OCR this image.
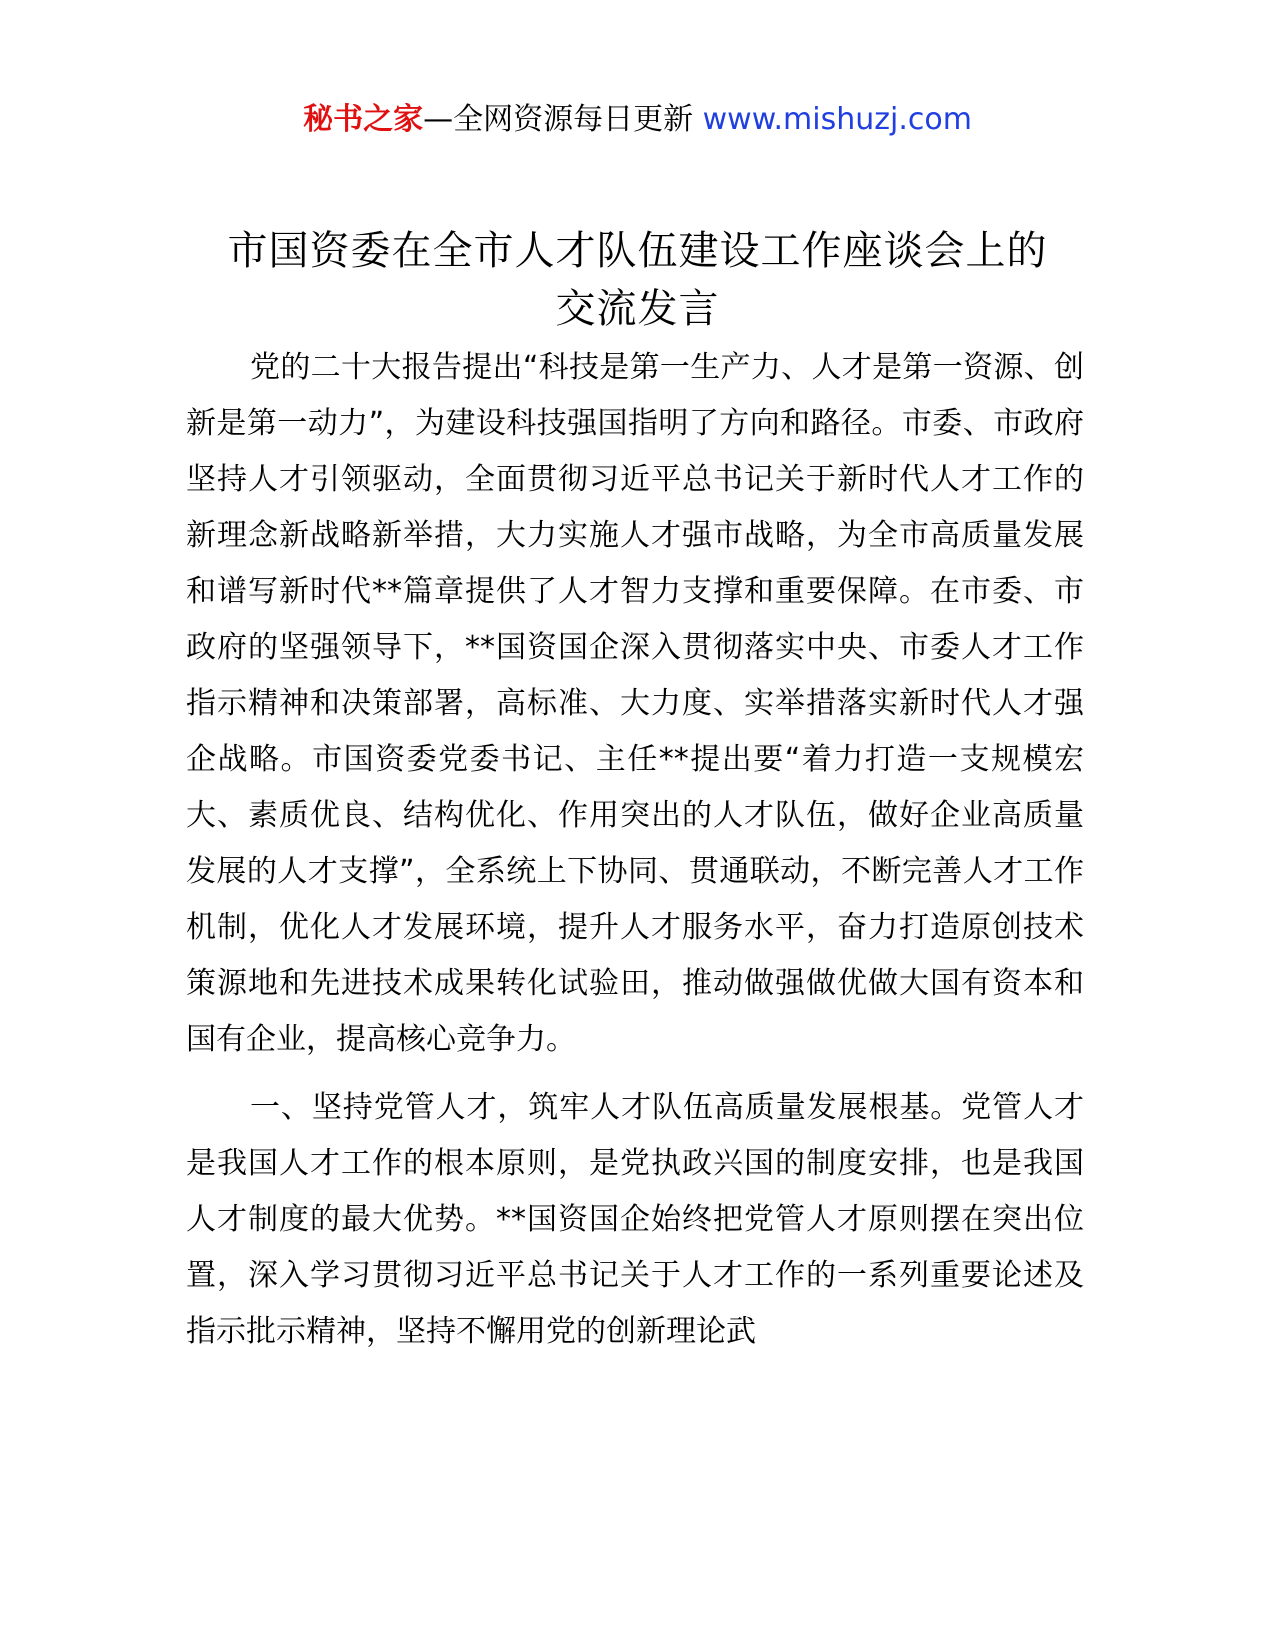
秘书之家—全网资源每日更新 www.mishuzj.com
市国资委在全市人才队伍建设工作座谈会上的
交流发言

党的二十大报告提出“科技是第一生产力、人才是第一资源、创新是第一动力”，为建设科技强国指明了方向和路径。市委、市政府坚持人才引领驱动，全面贯彻习近平总书记关于新时代人才工作的新理念新战略新举措，大力实施人才强市战略，为全市高质量发展和谱写新时代**篇章提供了人才智力支撑和重要保障。在市委、市政府的坚强领导下，**国资国企深入贯彻落实中央、市委人才工作指示精神和决策部署，高标准、大力度、实举措落实新时代人才强企战略。市国资委党委书记、主任**提出要“着力打造一支规模宏大、素质优良、结构优化、作用突出的人才队伍，做好企业高质量发展的人才支撑”，全系统上下协同、贯通联动，不断完善人才工作机制，优化人才发展环境，提升人才服务水平，奋力打造原创技术策源地和先进技术成果转化试验田，推动做强做优做大国有资本和国有企业，提高核心竞争力。

一、坚持党管人才，筑牢人才队伍高质量发展根基。党管人才是我国人才工作的根本原则，是党执政兴国的制度安排，也是我国人才制度的最大优势。**国资国企始终把党管人才原则摆在突出位置，深入学习贯彻习近平总书记关于人才工作的一系列重要论述及指示批示精神，坚持不懈用党的创新理论武
